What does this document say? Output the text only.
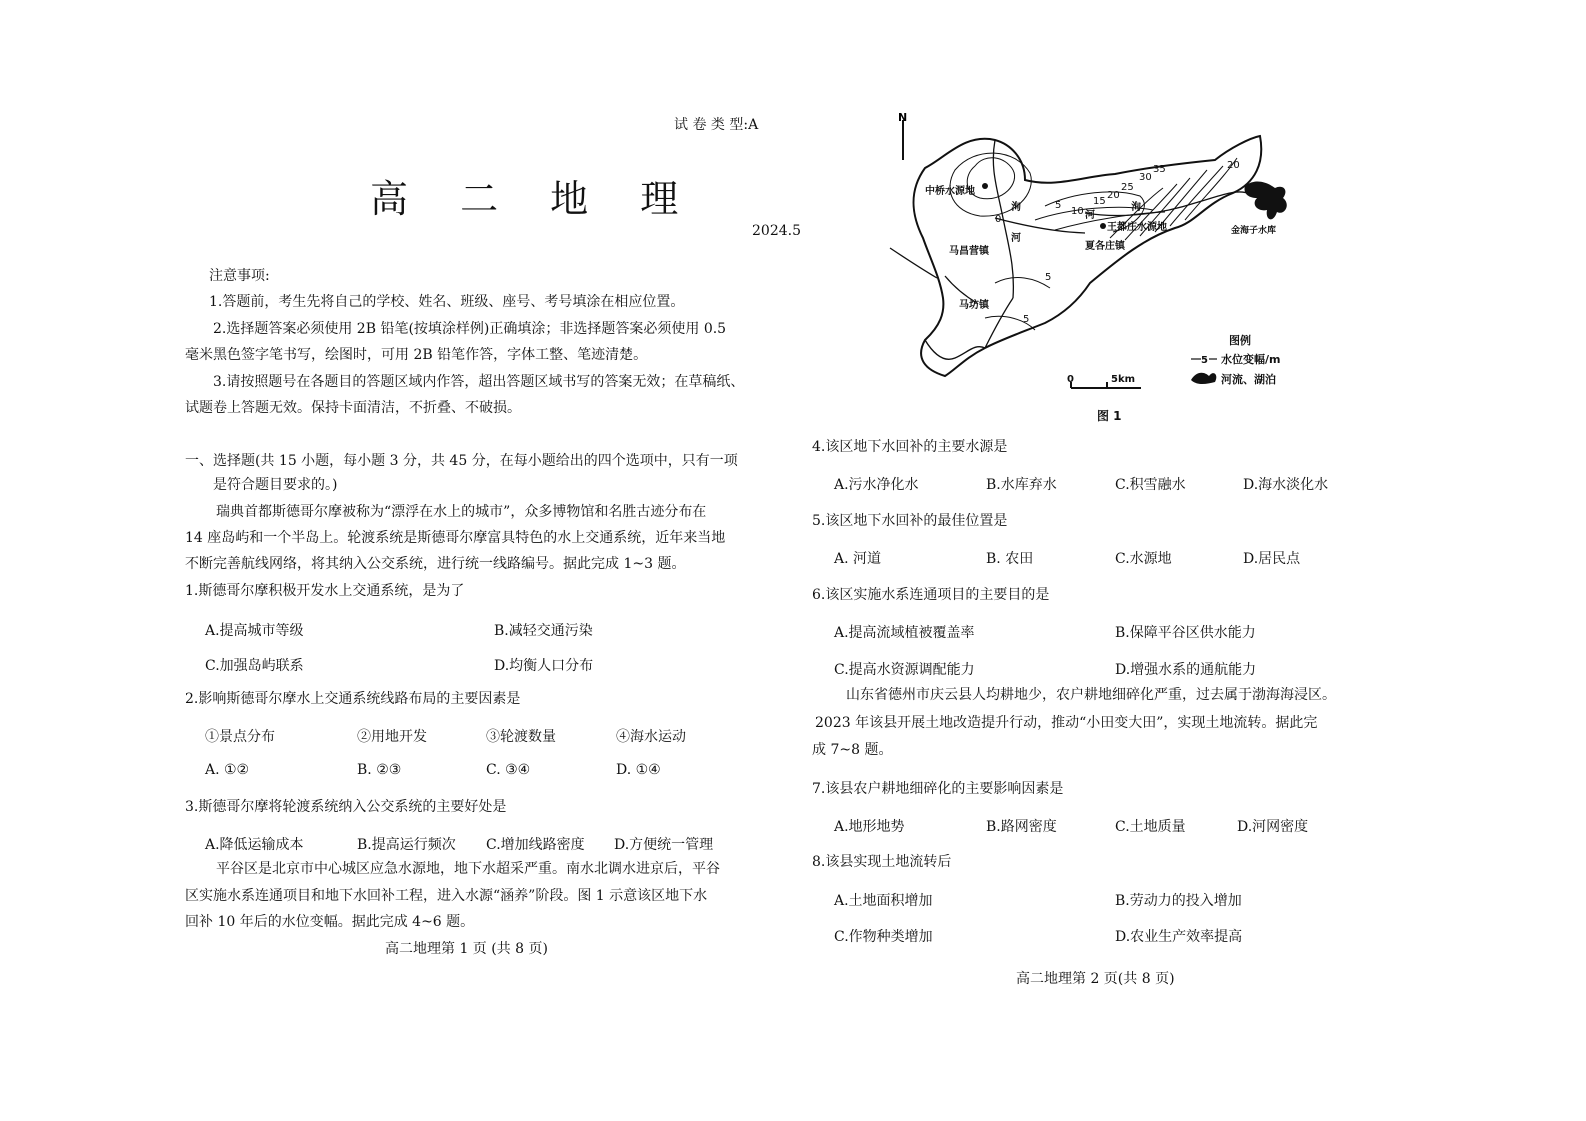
试 卷 类 型:A
高 二 地 理
2024.5
注意事项:
1.答题前，考生先将自己的学校、姓名、班级、座号、考号填涂在相应位置。
2.选择题答案必须使用 2B 铅笔(按填涂样例)正确填涂；非选择题答案必须使用 0.5
毫米黑色签字笔书写，绘图时，可用 2B 铅笔作答，字体工整、笔迹清楚。
3.请按照题号在各题目的答题区域内作答，超出答题区域书写的答案无效；在草稿纸、
试题卷上答题无效。保持卡面清洁，不折叠、不破损。
一、选择题(共 15 小题，每小题 3 分，共 45 分，在每小题给出的四个选项中，只有一项
是符合题目要求的。)
瑞典首都斯德哥尔摩被称为“漂浮在水上的城市”，众多博物馆和名胜古迹分布在
14 座岛屿和一个半岛上。轮渡系统是斯德哥尔摩富具特色的水上交通系统，近年来当地
不断完善航线网络，将其纳入公交系统，进行统一线路编号。据此完成 1~3 题。
1.斯德哥尔摩积极开发水上交通系统，是为了
A.提高城市等级	B.减轻交通污染
C.加强岛屿联系	D.均衡人口分布
2.影响斯德哥尔摩水上交通系统线路布局的主要因素是
①景点分布	②用地开发	③轮渡数量	④海水运动
A. ①②	B. ②③	C. ③④	D. ①④
3.斯德哥尔摩将轮渡系统纳入公交系统的主要好处是
A.降低运输成本	B.提高运行频次 C.增加线路密度 D.方便统一管理
平谷区是北京市中心城区应急水源地，地下水超采严重。南水北调水进京后，平谷
区实施水系连通项目和地下水回补工程，进入水源“涵养”阶段。图 1 示意该区地下水
回补 10 年后的水位变幅。据此完成 4~6 题。
高二地理第 1 页 (共 8 页)
N
中桥水源地
马昌营镇
马坊镇
夏各庄镇
王都庄水源地	金海子水库
洵
河
河
洵
0
5
10
15
20
25
30
35
5
5
20
图例
5 水位变幅/m
河流、湖泊
0	5km
图 1
4.该区地下水回补的主要水源是
A.污水净化水	B.水库弃水	C.积雪融水	D.海水淡化水
5.该区地下水回补的最佳位置是
A. 河道	B. 农田	C.水源地	D.居民点
6.该区实施水系连通项目的主要目的是
A.提高流域植被覆盖率	B.保障平谷区供水能力
C.提高水资源调配能力	D.增强水系的通航能力
山东省德州市庆云县人均耕地少，农户耕地细碎化严重，过去属于渤海海浸区。
2023 年该县开展土地改造提升行动，推动“小田变大田”，实现土地流转。据此完
成 7~8 题。
7.该县农户耕地细碎化的主要影响因素是
A.地形地势	B.路网密度	C.土地质量	D.河网密度
8.该县实现土地流转后
A.土地面积增加	B.劳动力的投入增加
C.作物种类增加	D.农业生产效率提高
高二地理第 2 页(共 8 页)
